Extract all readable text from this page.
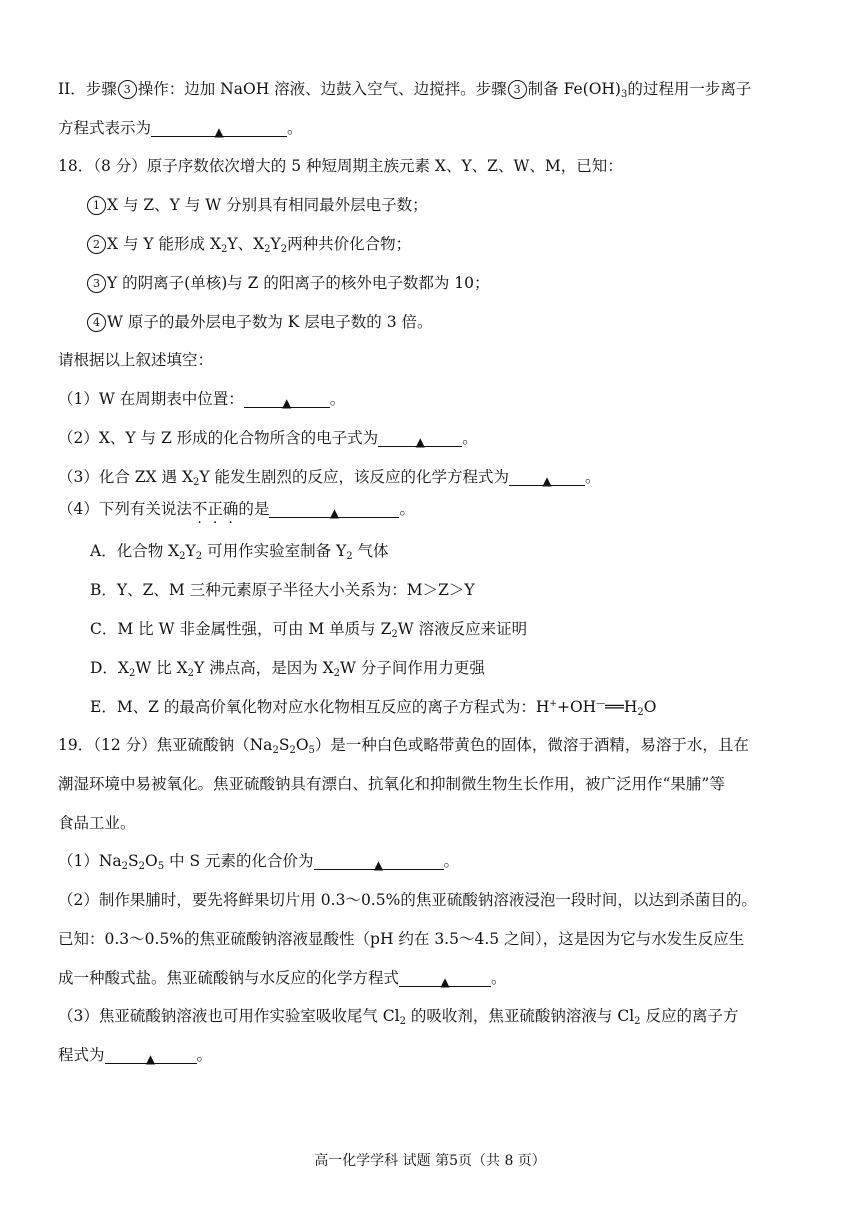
II．步骤 3 操作：边加 NaOH 溶液、边鼓入空气、边搅拌。步骤 3 制备 $Fe(OH)_3$的过程用一步离子
方程式表示为	▲	。
18．（8 分）原子序数依次增大的 5 种短周期主族元素 X、Y、Z、W、M，已知：
1 X 与 Z、Y 与 W 分别具有相同最外层电子数；
2 X 与 Y 能形成 $X_2Y$、$X_2Y_2$两种共价化合物；
3 Y 的阴离子(单核)与 Z 的阳离子的核外电子数都为 10；
4 W 原子的最外层电子数为 K 层电子数的 3 倍。
请根据以上叙述填空：
（1）W 在周期表中位置：	▲ 。
（2）X、Y 与 Z 形成的化合物所含的电子式为	▲ 。
（3）化合 ZX 遇 $X_2Y$ 能发生剧烈的反应，该反应的化学方程式为	▲ 。
（4）下列有关说法不正确的是	▲	。
A．化合物 $X_2Y_2$ 可用作实验室制备 $Y_2$ 气体
B．Y、Z、M 三种元素原子半径大小关系为：M＞Z＞Y
C．M 比 W 非金属性强，可由 M 单质与 $Z_2W$ 溶液反应来证明
D．$X_2W$ 比 $X_2Y$ 沸点高，是因为 $X_2W$ 分子间作用力更强
E．M、Z 的最高价氧化物对应水化物相互反应的离子方程式为：$H^++OH^—══H_2O$
19．（12 分）焦亚硫酸钠$(Na_2S_2O_5)$是一种白色或略带黄色的固体，微溶于酒精，易溶于水，且在
潮湿环境中易被氧化。焦亚硫酸钠具有漂白、抗氧化和抑制微生物生长作用，被广泛用作“果脯”等
食品工业。
$(1)Na_2S_2O_5$ 中 S 元素的化合价为	▲	。
（2）制作果脯时，要先将鲜果切片用 0.3～0.5%的焦亚硫酸钠溶液浸泡一段时间，以达到杀菌目的。
已知：0.3～0.5%的焦亚硫酸钠溶液显酸性（pH 约在 3.5～4.5 之间），这是因为它与水发生反应生
成一种酸式盐。焦亚硫酸钠与水反应的化学方程式	▲	。
（3）焦亚硫酸钠溶液也可用作实验室吸收尾气 $Cl_2$ 的吸收剂，焦亚硫酸钠溶液与 $Cl_2$ 反应的离子方
程式为	▲	。
高一化学学科 试题 第5页（共 8 页）
